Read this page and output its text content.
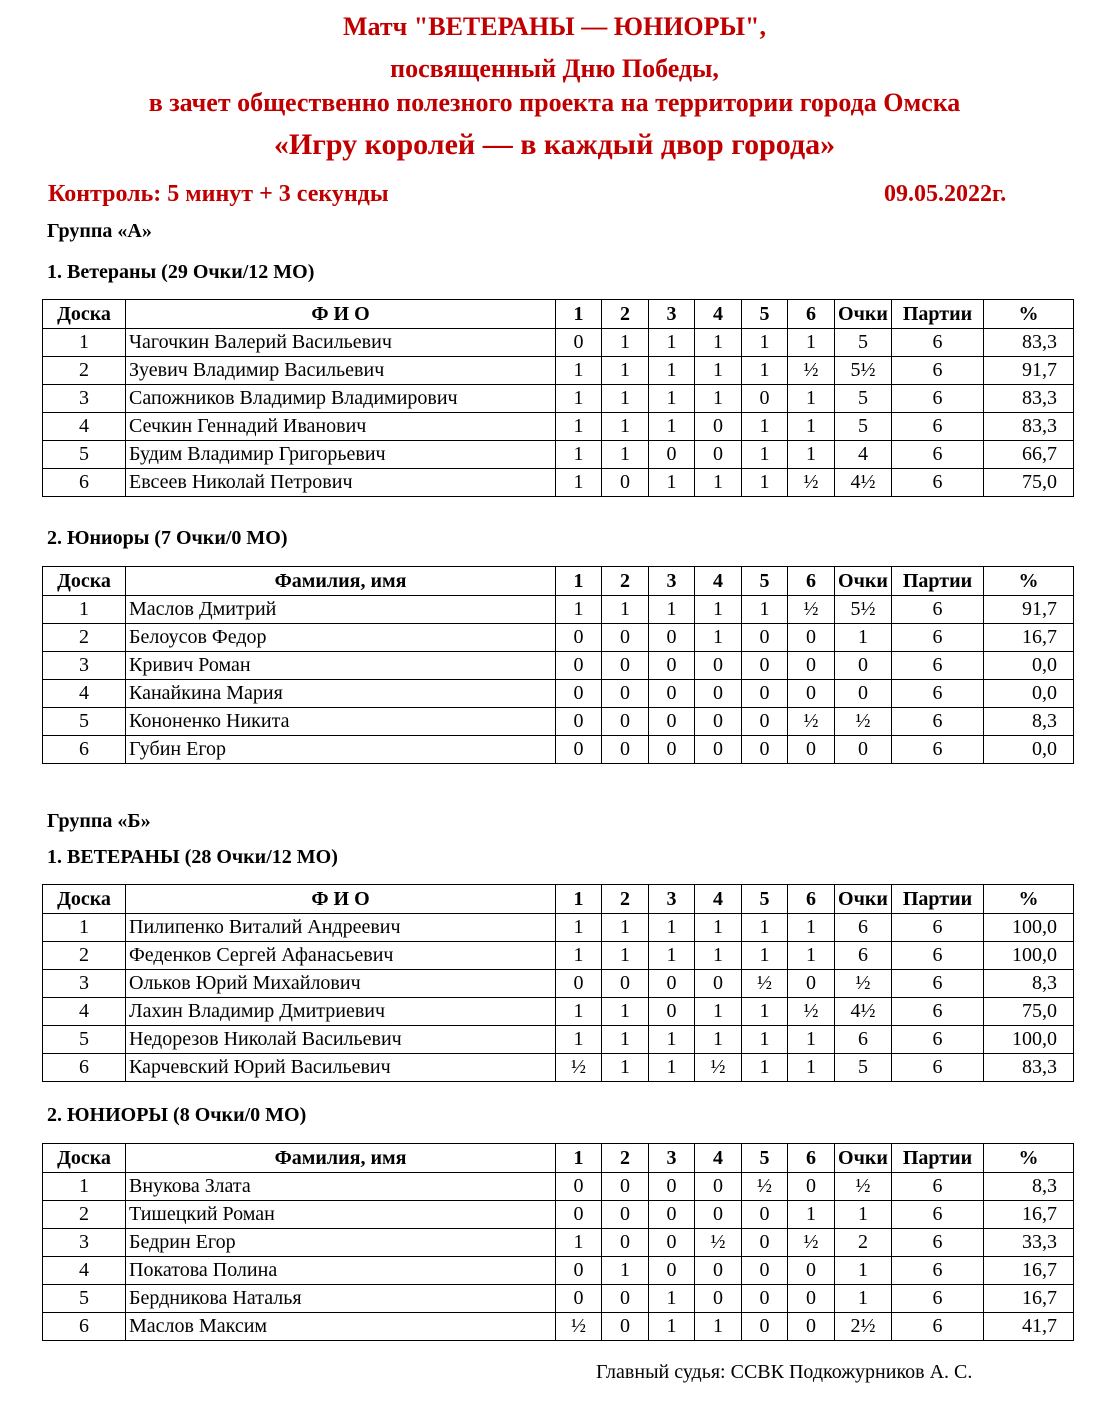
Матч "ВЕТЕРАНЫ — ЮНИОРЫ",
посвященный Дню Победы,
в зачет общественно полезного проекта на территории города Омска
«Игру королей — в каждый двор города»
Контроль: 5 минут + 3 секунды	09.05.2022г.
Группа «А»
1. Ветераны (29 Очки/12 МО)
Доска	Ф И О	1	2	3	4	5	6	Очки	Партии	%
1	Чагочкин Валерий Васильевич	0	1	1	1	1	1	5	6	83,3
2	Зуевич Владимир Васильевич	1	1	1	1	1	½	5½	6	91,7
3	Сапожников Владимир Владимирович	1	1	1	1	0	1	5	6	83,3
4	Сечкин Геннадий Иванович	1	1	1	0	1	1	5	6	83,3
5	Будим Владимир Григорьевич	1	1	0	0	1	1	4	6	66,7
6	Евсеев Николай Петрович	1	0	1	1	1	½	4½	6	75,0
2. Юниоры (7 Очки/0 МО)
Доска	Фамилия, имя	1	2	3	4	5	6	Очки	Партии	%
1	Маслов Дмитрий	1	1	1	1	1	½	5½	6	91,7
2	Белоусов Федор	0	0	0	1	0	0	1	6	16,7
3	Кривич Роман	0	0	0	0	0	0	0	6	0,0
4	Канайкина Мария	0	0	0	0	0	0	0	6	0,0
5	Кононенко Никита	0	0	0	0	0	½	½	6	8,3
6	Губин Егор	0	0	0	0	0	0	0	6	0,0
Группа «Б»
1. ВЕТЕРАНЫ (28 Очки/12 МО)
Доска	Ф И О	1	2	3	4	5	6	Очки	Партии	%
1	Пилипенко Виталий Андреевич	1	1	1	1	1	1	6	6	100,0
2	Феденков Сергей Афанасьевич	1	1	1	1	1	1	6	6	100,0
3	Ольков Юрий Михайлович	0	0	0	0	½	0	½	6	8,3
4	Лахин Владимир Дмитриевич	1	1	0	1	1	½	4½	6	75,0
5	Недорезов Николай Васильевич	1	1	1	1	1	1	6	6	100,0
6	Карчевский Юрий Васильевич	½	1	1	½	1	1	5	6	83,3
2. ЮНИОРЫ (8 Очки/0 МО)
Доска	Фамилия, имя	1	2	3	4	5	6	Очки	Партии	%
1	Внукова Злата	0	0	0	0	½	0	½	6	8,3
2	Тишецкий Роман	0	0	0	0	0	1	1	6	16,7
3	Бедрин Егор	1	0	0	½	0	½	2	6	33,3
4	Покатова Полина	0	1	0	0	0	0	1	6	16,7
5	Бердникова Наталья	0	0	1	0	0	0	1	6	16,7
6	Маслов Максим	½	0	1	1	0	0	2½	6	41,7
Главный судья: ССВК Подкожурников А. С.
